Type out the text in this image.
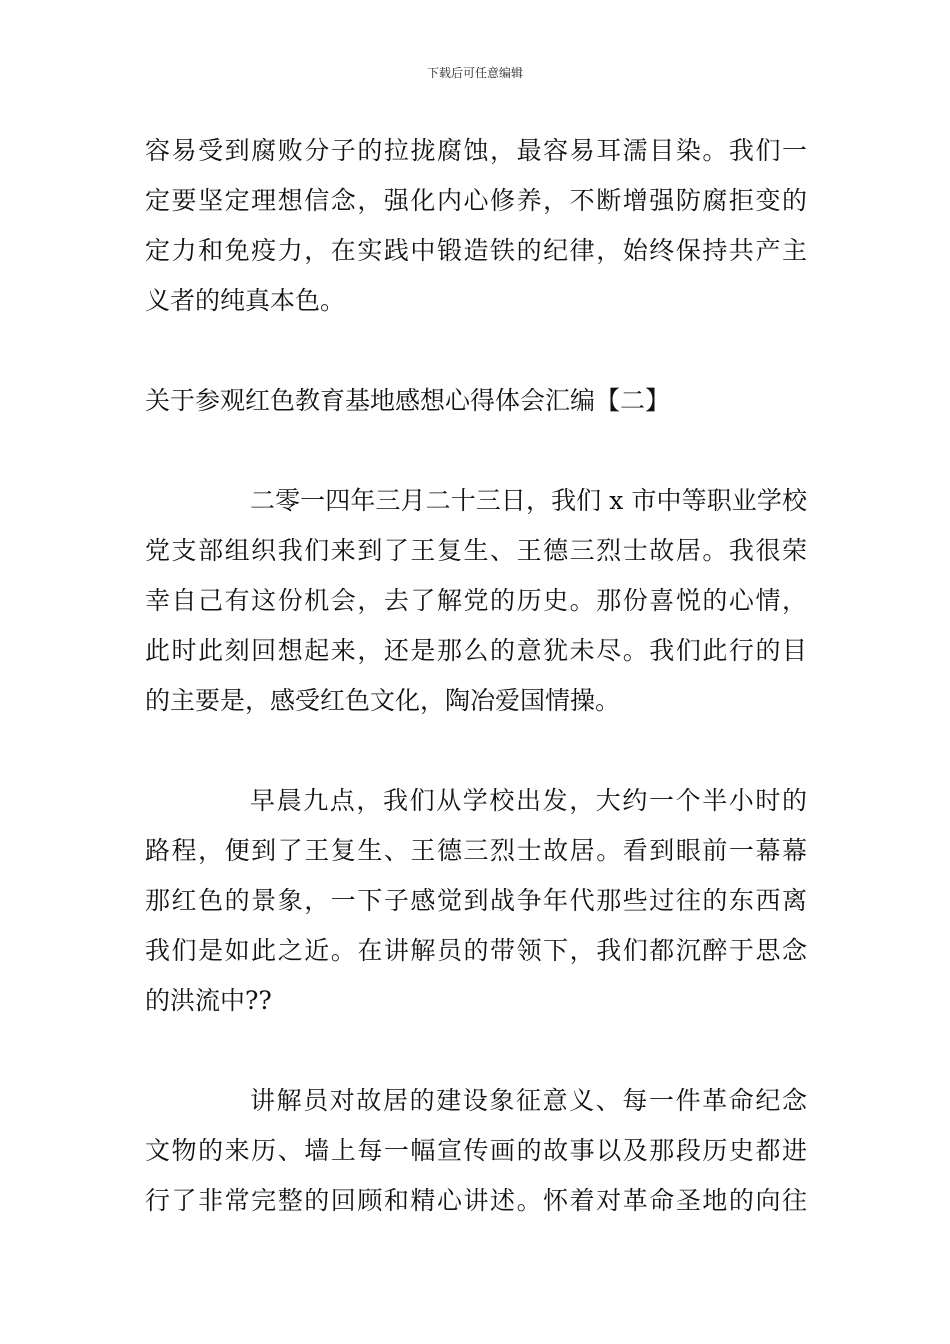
下载后可任意编辑
容易受到腐败分子的拉拢腐蚀，最容易耳濡目染。我们一
定要坚定理想信念，强化内心修养，不断增强防腐拒变的
定力和免疫力，在实践中锻造铁的纪律，始终保持共产主
义者的纯真本色。
关于参观红色教育基地感想心得体会汇编【二】
二零一四年三月二十三日，我们 x 市中等职业学校
党支部组织我们来到了王复生、王德三烈士故居。我很荣
幸自己有这份机会，去了解党的历史。那份喜悦的心情，
此时此刻回想起来，还是那么的意犹未尽。我们此行的目
的主要是，感受红色文化，陶冶爱国情操。
早晨九点，我们从学校出发，大约一个半小时的
路程，便到了王复生、王德三烈士故居。看到眼前一幕幕
那红色的景象，一下子感觉到战争年代那些过往的东西离
我们是如此之近。在讲解员的带领下，我们都沉醉于思念
的洪流中??
讲解员对故居的建设象征意义、每一件革命纪念
文物的来历、墙上每一幅宣传画的故事以及那段历史都进
行了非常完整的回顾和精心讲述。怀着对革命圣地的向往
